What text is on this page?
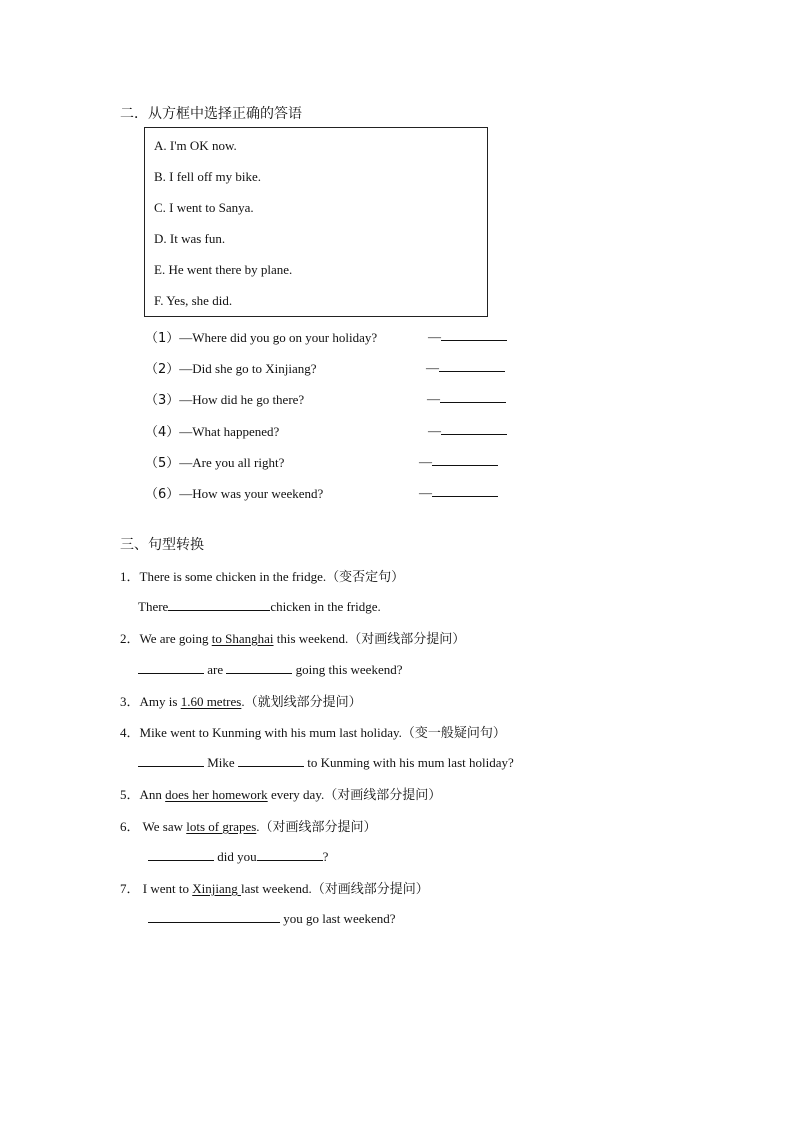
二．从方框中选择正确的答语
A. I'm OK now.
B. I fell off my bike.
C. I went to Sanya.
D. It was fun.
E. He went there by plane.
F. Yes, she did.
（1）—Where did you go on your holiday?	—
（2）—Did she go to Xinjiang?	—
（3）—How did he go there?	—
（4）—What happened?	—
（5）—Are you all right?	—
（6）—How was your weekend?	—
三、句型转换
1．There is some chicken in the fridge.（变否定句）
There	chicken in the fridge.
2．We are going to Shanghai this weekend.（对画线部分提问）
are	going this weekend?
3．Amy is 1.60 metres.（就划线部分提问）
4．Mike went to Kunming with his mum last holiday.（变一般疑问句）
Mike	to Kunming with his mum last holiday?
5．Ann does her homework every day.（对画线部分提问）
6． We saw lots of grapes.（对画线部分提问）
did you	?
7． I went to Xinjiang last weekend.（对画线部分提问）
you go last weekend?
